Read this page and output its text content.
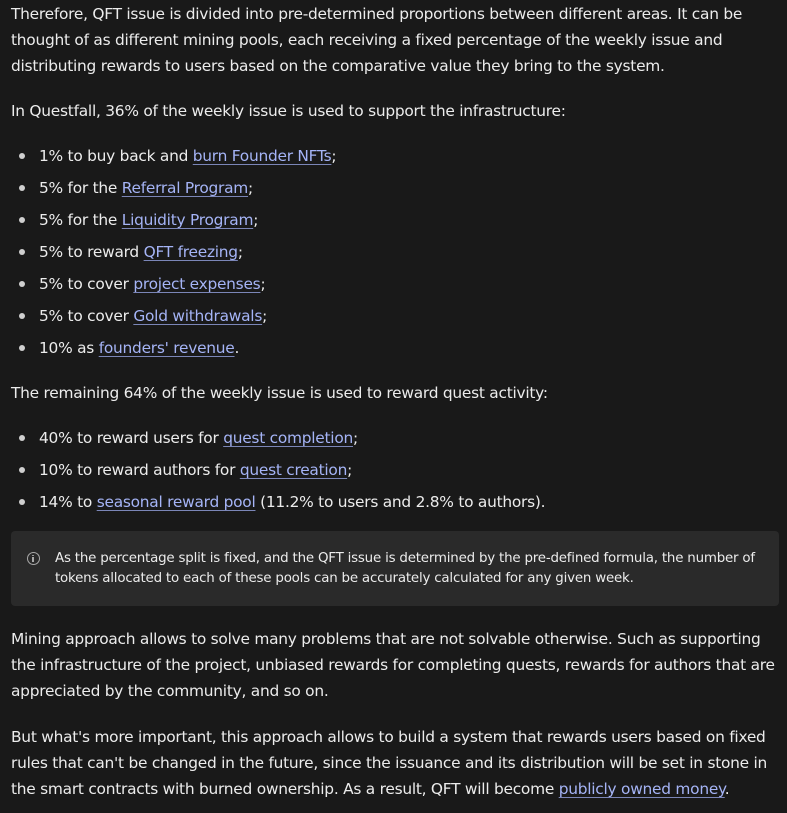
Therefore, QFT issue is divided into pre-determined proportions between different areas. It can be thought of as different mining pools, each receiving a fixed percentage of the weekly issue and distributing rewards to users based on the comparative value they bring to the system.

In Questfall, 36% of the weekly issue is used to support the infrastructure:

1% to buy back and burn Founder NFTs;
5% for the Referral Program;
5% for the Liquidity Program;
5% to reward QFT freezing;
5% to cover project expenses;
5% to cover Gold withdrawals;
10% as founders' revenue.

The remaining 64% of the weekly issue is used to reward quest activity:

40% to reward users for quest completion;
10% to reward authors for quest creation;
14% to seasonal reward pool (11.2% to users and 2.8% to authors).
As the percentage split is fixed, and the QFT issue is determined by the pre-defined formula, the number of tokens allocated to each of these pools can be accurately calculated for any given week.

Mining approach allows to solve many problems that are not solvable otherwise. Such as supporting the infrastructure of the project, unbiased rewards for completing quests, rewards for authors that are appreciated by the community, and so on.

But what's more important, this approach allows to build a system that rewards users based on fixed rules that can't be changed in the future, since the issuance and its distribution will be set in stone in the smart contracts with burned ownership. As a result, QFT will become publicly owned money.
